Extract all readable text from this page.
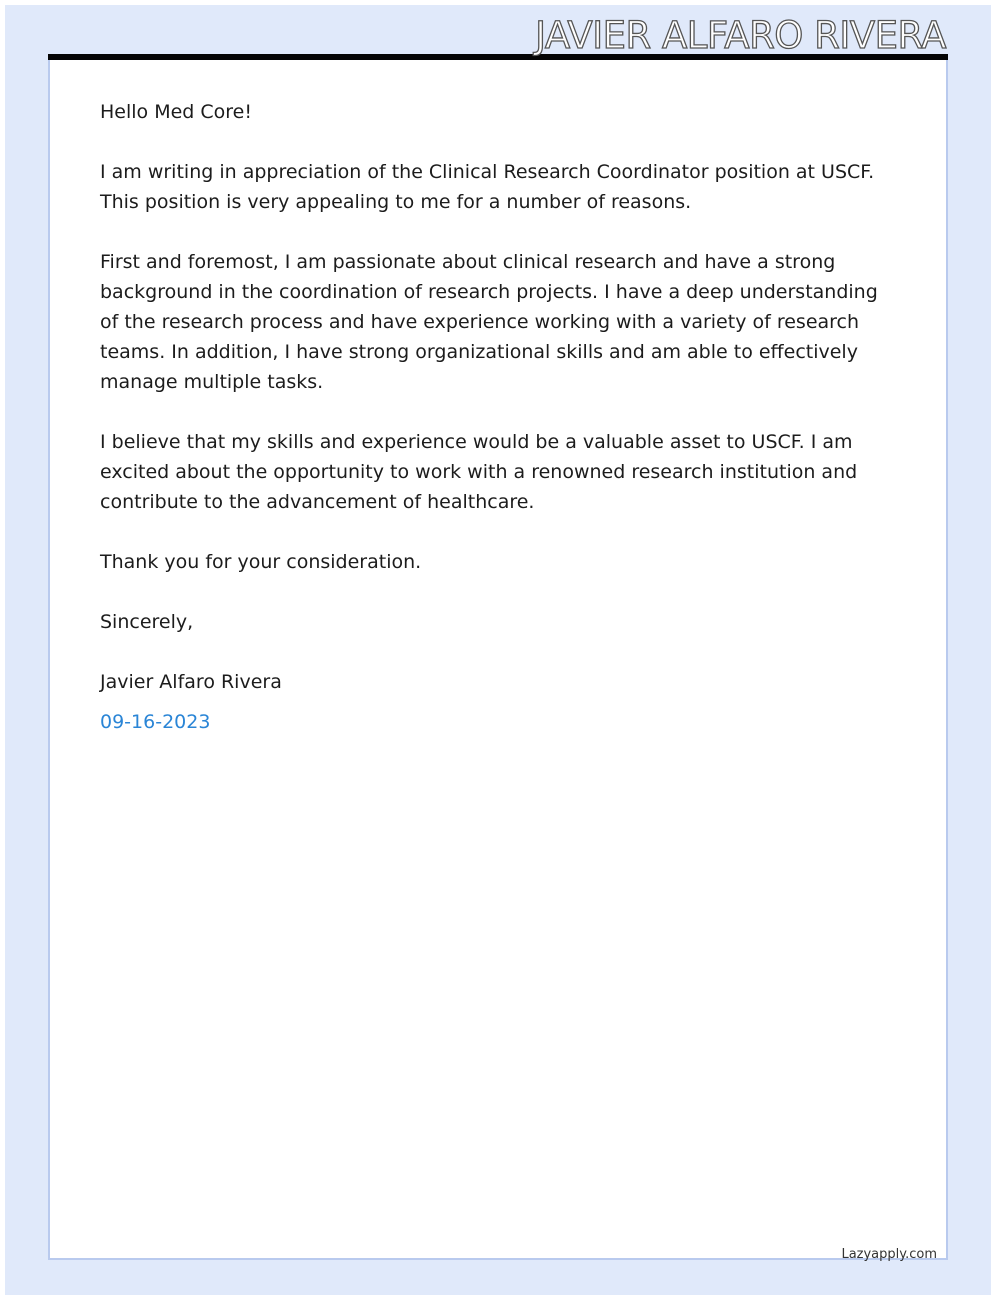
JAVIER ALFARO RIVERA

Hello Med Core!

I am writing in appreciation of the Clinical Research Coordinator position at USCF. This position is very appealing to me for a number of reasons.

First and foremost, I am passionate about clinical research and have a strong background in the coordination of research projects. I have a deep understanding of the research process and have experience working with a variety of research teams. In addition, I have strong organizational skills and am able to effectively manage multiple tasks.

I believe that my skills and experience would be a valuable asset to USCF. I am excited about the opportunity to work with a renowned research institution and contribute to the advancement of healthcare.

Thank you for your consideration.

Sincerely,

Javier Alfaro Rivera

09-16-2023

Lazyapply.com
